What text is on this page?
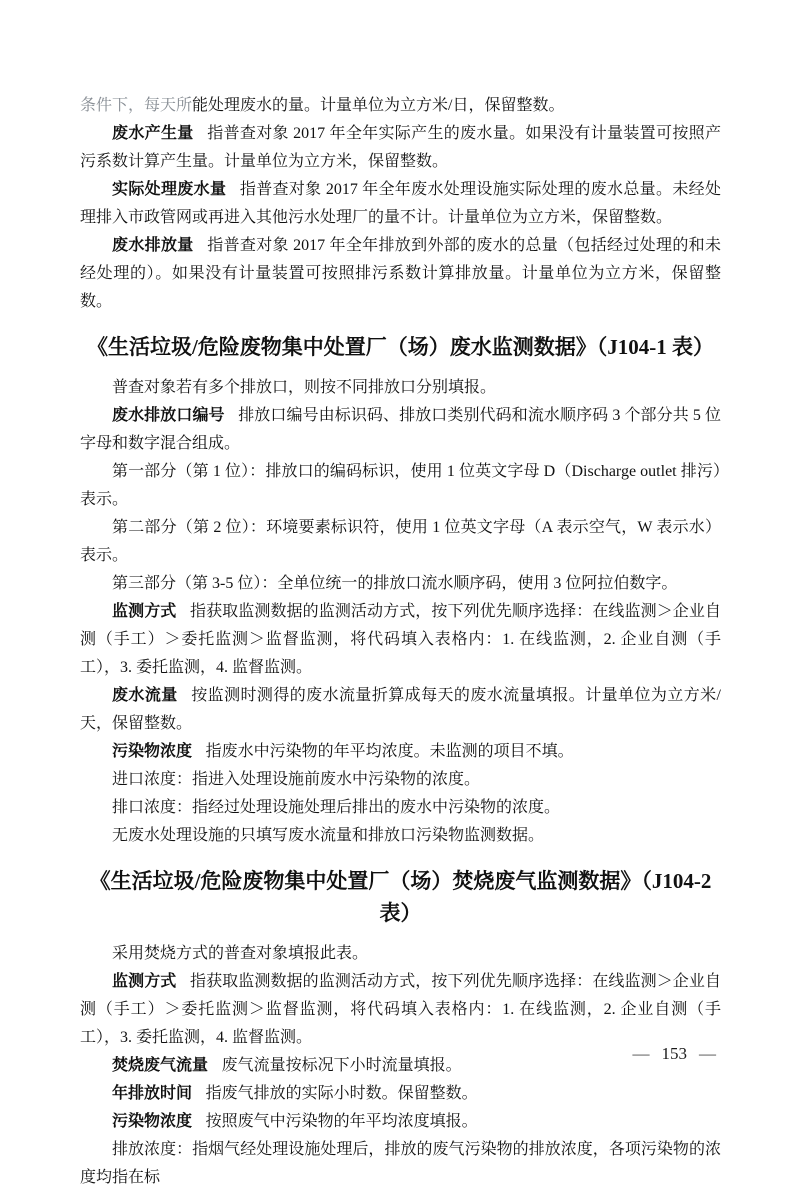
条件下，每天所能处理废水的量。计量单位为立方米/日，保留整数。

废水产生量 指普查对象 2017 年全年实际产生的废水量。如果没有计量装置可按照产污系数计算产生量。计量单位为立方米，保留整数。

实际处理废水量 指普查对象 2017 年全年废水处理设施实际处理的废水总量。未经处理排入市政管网或再进入其他污水处理厂的量不计。计量单位为立方米，保留整数。

废水排放量 指普查对象 2017 年全年排放到外部的废水的总量（包括经过处理的和未经处理的）。如果没有计量装置可按照排污系数计算排放量。计量单位为立方米，保留整数。

《生活垃圾/危险废物集中处置厂（场）废水监测数据》（J104-1 表）

普查对象若有多个排放口，则按不同排放口分别填报。

废水排放口编号 排放口编号由标识码、排放口类别代码和流水顺序码 3 个部分共 5 位字母和数字混合组成。

第一部分（第 1 位）：排放口的编码标识，使用 1 位英文字母 D（Discharge outlet 排污）表示。

第二部分（第 2 位）：环境要素标识符，使用 1 位英文字母（A 表示空气，W 表示水）表示。

第三部分（第 3-5 位）：全单位统一的排放口流水顺序码，使用 3 位阿拉伯数字。

监测方式 指获取监测数据的监测活动方式，按下列优先顺序选择：在线监测＞企业自测（手工）＞委托监测＞监督监测，将代码填入表格内：1. 在线监测，2. 企业自测（手工），3. 委托监测，4. 监督监测。

废水流量 按监测时测得的废水流量折算成每天的废水流量填报。计量单位为立方米/天，保留整数。

污染物浓度 指废水中污染物的年平均浓度。未监测的项目不填。

进口浓度：指进入处理设施前废水中污染物的浓度。

排口浓度：指经过处理设施处理后排出的废水中污染物的浓度。

无废水处理设施的只填写废水流量和排放口污染物监测数据。

《生活垃圾/危险废物集中处置厂（场）焚烧废气监测数据》（J104-2 表）

采用焚烧方式的普查对象填报此表。

监测方式 指获取监测数据的监测活动方式，按下列优先顺序选择：在线监测＞企业自测（手工）＞委托监测＞监督监测，将代码填入表格内：1. 在线监测，2. 企业自测（手工），3. 委托监测，4. 监督监测。

焚烧废气流量 废气流量按标况下小时流量填报。

年排放时间 指废气排放的实际小时数。保留整数。

污染物浓度 按照废气中污染物的年平均浓度填报。

排放浓度：指烟气经处理设施处理后，排放的废气污染物的排放浓度，各项污染物的浓度均指在标

— 153 —
